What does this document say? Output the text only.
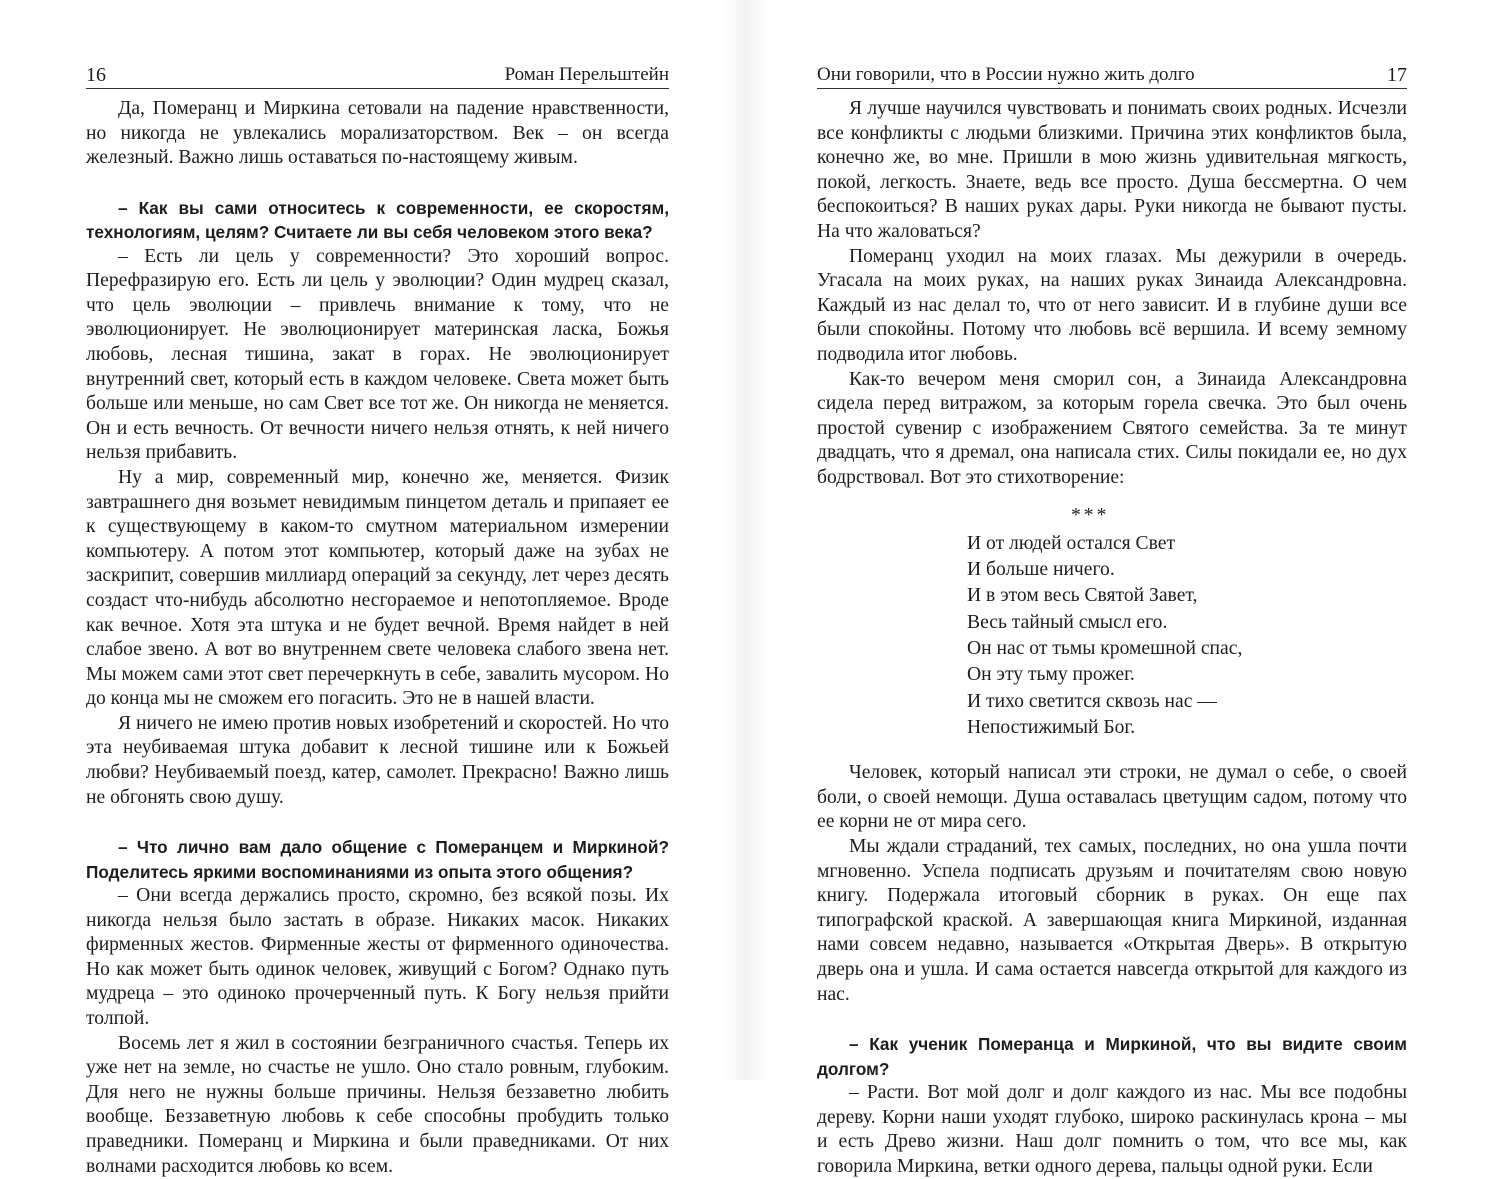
16	Роман Перельштейн

Да, Померанц и Миркина сетовали на падение нравственности, но никогда не увлекались морализаторством. Век – он всегда железный. Важно лишь оставаться по-настоящему живым.

– Как вы сами относитесь к современности, ее скоростям, технологиям, целям? Считаете ли вы себя человеком этого века?

– Есть ли цель у современности? Это хороший вопрос. Перефразирую его. Есть ли цель у эволюции? Один мудрец сказал, что цель эволюции – привлечь внимание к тому, что не эволюционирует. Не эволюционирует материнская ласка, Божья любовь, лесная тишина, закат в горах. Не эволюционирует внутренний свет, который есть в каждом человеке. Света может быть больше или меньше, но сам Свет все тот же. Он никогда не меняется. Он и есть вечность. От вечности ничего нельзя отнять, к ней ничего нельзя прибавить.

Ну а мир, современный мир, конечно же, меняется. Физик завтрашнего дня возьмет невидимым пинцетом деталь и припаяет ее к существующему в каком-то смутном материальном измерении компьютеру. А потом этот компьютер, который даже на зубах не заскрипит, совершив миллиард операций за секунду, лет через десять создаст что-нибудь абсолютно несгораемое и непотопляемое. Вроде как вечное. Хотя эта штука и не будет вечной. Время найдет в ней слабое звено. А вот во внутреннем свете человека слабого звена нет. Мы можем сами этот свет перечеркнуть в себе, завалить мусором. Но до конца мы не сможем его погасить. Это не в нашей власти.

Я ничего не имею против новых изобретений и скоростей. Но что эта неубиваемая штука добавит к лесной тишине или к Божьей любви? Неубиваемый поезд, катер, самолет. Прекрасно! Важно лишь не обгонять свою душу.

– Что лично вам дало общение с Померанцем и Миркиной? Поделитесь яркими воспоминаниями из опыта этого общения?

– Они всегда держались просто, скромно, без всякой позы. Их никогда нельзя было застать в образе. Никаких масок. Никаких фирменных жестов. Фирменные жесты от фирменного одиночества. Но как может быть одинок человек, живущий с Богом? Однако путь мудреца – это одиноко прочерченный путь. К Богу нельзя прийти толпой.

Восемь лет я жил в состоянии безграничного счастья. Теперь их уже нет на земле, но счастье не ушло. Оно стало ровным, глубоким. Для него не нужны больше причины. Нельзя беззаветно любить вообще. Беззаветную любовь к себе способны пробудить только праведники. Померанц и Миркина и были праведниками. От них волнами расходится любовь ко всем.

Они говорили, что в России нужно жить долго	17

Я лучше научился чувствовать и понимать своих родных. Исчезли все конфликты с людьми близкими. Причина этих конфликтов была, конечно же, во мне. Пришли в мою жизнь удивительная мягкость, покой, легкость. Знаете, ведь все просто. Душа бессмертна. О чем беспокоиться? В наших руках дары. Руки никогда не бывают пусты. На что жаловаться?

Померанц уходил на моих глазах. Мы дежурили в очередь. Угасала на моих руках, на наших руках Зинаида Александровна. Каждый из нас делал то, что от него зависит. И в глубине души все были спокойны. Потому что любовь всё вершила. И всему земному подводила итог любовь.

Как-то вечером меня сморил сон, а Зинаида Александровна сидела перед витражом, за которым горела свечка. Это был очень простой сувенир с изображением Святого семейства. За те минут двадцать, что я дремал, она написала стих. Силы покидали ее, но дух бодрствовал. Вот это стихотворение:

***
И от людей остался Свет
И больше ничего.
И в этом весь Святой Завет,
Весь тайный смысл его.
Он нас от тьмы кромешной спас,
Он эту тьму прожег.
И тихо светится сквозь нас —
Непостижимый Бог.

Человек, который написал эти строки, не думал о себе, о своей боли, о своей немощи. Душа оставалась цветущим садом, потому что ее корни не от мира сего.

Мы ждали страданий, тех самых, последних, но она ушла почти мгновенно. Успела подписать друзьям и почитателям свою новую книгу. Подержала итоговый сборник в руках. Он еще пах типографской краской. А завершающая книга Миркиной, изданная нами совсем недавно, называется «Открытая Дверь». В открытую дверь она и ушла. И сама остается навсегда открытой для каждого из нас.

– Как ученик Померанца и Миркиной, что вы видите своим долгом?

– Расти. Вот мой долг и долг каждого из нас. Мы все подобны дереву. Корни наши уходят глубоко, широко раскинулась крона – мы и есть Древо жизни. Наш долг помнить о том, что все мы, как говорила Миркина, ветки одного дерева, пальцы одной руки. Если
